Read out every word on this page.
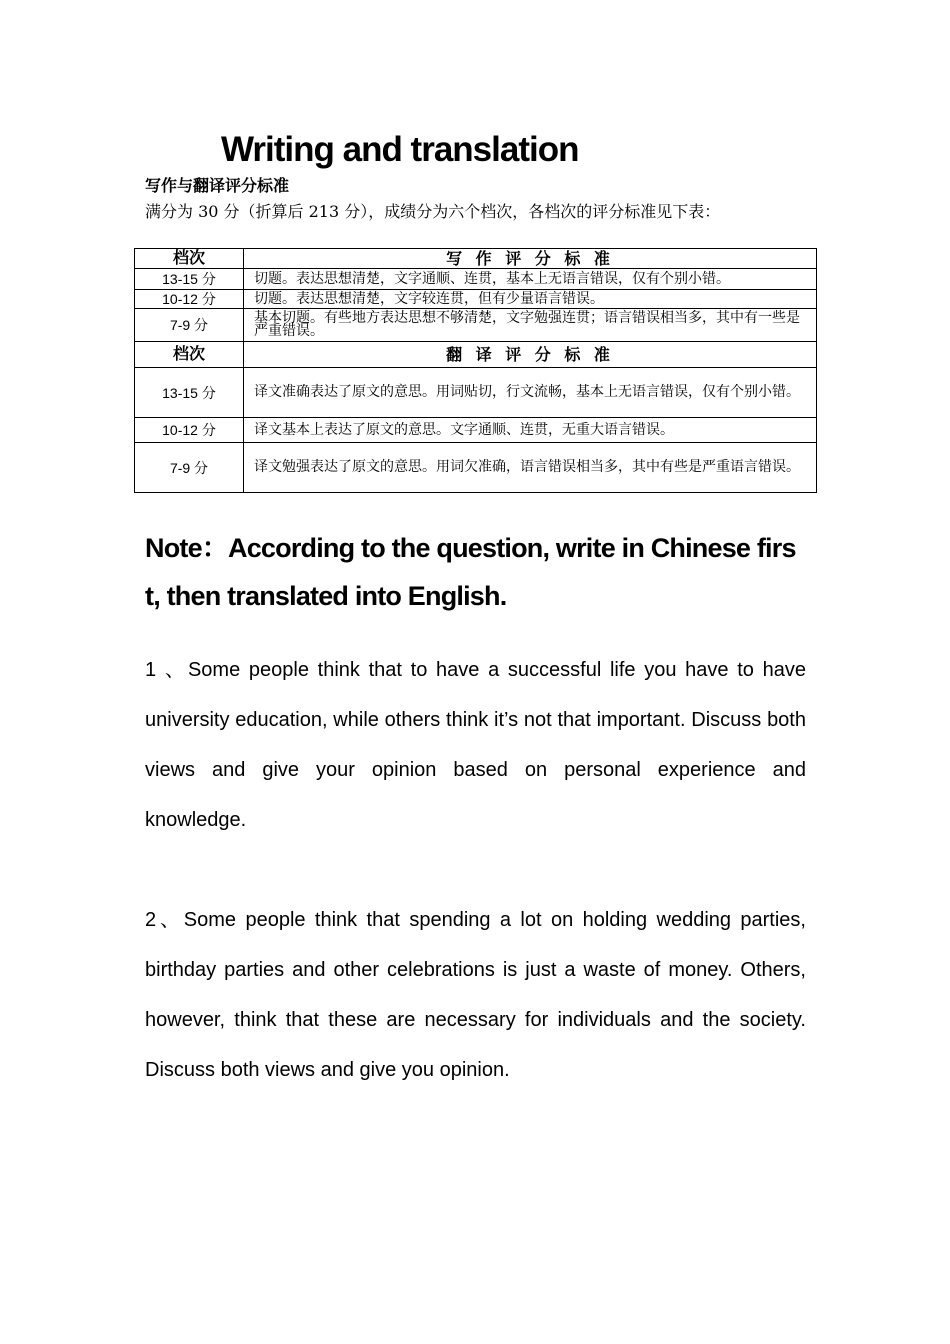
Writing and translation
写作与翻译评分标准
满分为 30 分（折算后 213 分），成绩分为六个档次，各档次的评分标准见下表：
档次	写 作 评 分 标 准
13-15 分	切题。表达思想清楚，文字通顺、连贯，基本上无语言错误，仅有个别小错。
10-12 分	切题。表达思想清楚，文字较连贯，但有少量语言错误。
7-9 分	基本切题。有些地方表达思想不够清楚，文字勉强连贯；语言错误相当多，其中有一些是严重错误。
档次	翻 译 评 分 标 准
13-15 分	译文准确表达了原文的意思。用词贴切，行文流畅，基本上无语言错误，仅有个别小错。
10-12 分	译文基本上表达了原文的意思。文字通顺、连贯，无重大语言错误。
7-9 分	译文勉强表达了原文的意思。用词欠准确，语言错误相当多，其中有些是严重语言错误。
Note：According to the question, write in Chinese first, then translated into English.
1 、Some people think that to have a successful life you have to have university education, while others think it’s not that important. Discuss both views and give your opinion based on personal experience and knowledge.
2、Some people think that spending a lot on holding wedding parties, birthday parties and other celebrations is just a waste of money. Others, however, think that these are necessary for individuals and the society. Discuss both views and give you opinion.
